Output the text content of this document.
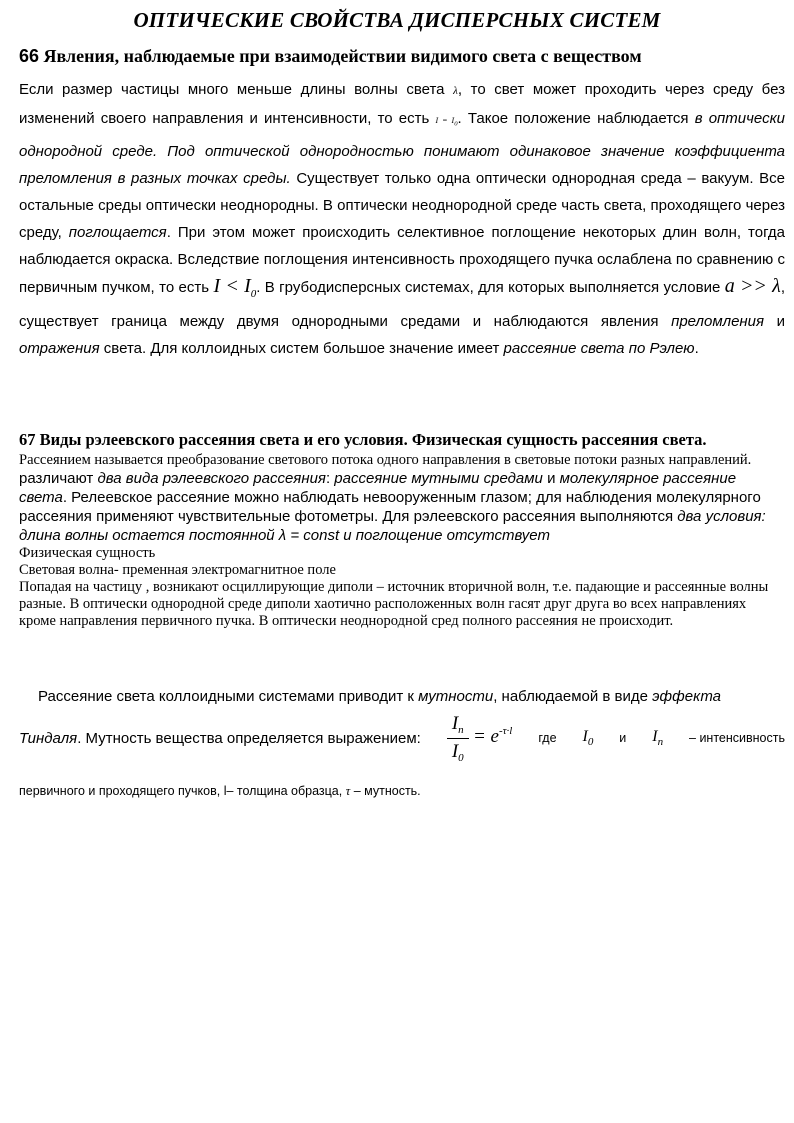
ОПТИЧЕСКИЕ СВОЙСТВА ДИСПЕРСНЫХ СИСТЕМ
66 Явления, наблюдаемые при взаимодействии видимого света с веществом

Если размер частицы много меньше длины волны света λ, то свет может проходить через среду без изменений своего направления и интенсивности, то есть $I = I_0$. Такое положение наблюдается в оптически однородной среде. Под оптической однородностью понимают одинаковое значение коэффициента преломления в разных точках среды. Существует только одна оптически однородная среда – вакуум. Все остальные среды оптически неоднородны. В оптически неоднородной среде часть света, проходящего через среду, поглощается. При этом может происходить селективное поглощение некоторых длин волн, тогда наблюдается окраска. Вследствие поглощения интенсивность проходящего пучка ослаблена по сравнению с первичным пучком, то есть $I < I_0$. В грубодисперсных системах, для которых выполняется условие a >> λ, существует граница между двумя однородными средами и наблюдаются явления преломления и отражения света. Для коллоидных систем большое значение имеет рассеяние света по Рэлею.

67 Виды рэлеевского рассеяния света и его условия. Физическая сущность рассеяния света.

Рассеянием называется преобразование светового потока одного направления в световые потоки разных направлений.

различают два вида рэлеевского рассеяния: рассеяние мутными средами и молекулярное рассеяние света. Релеевское рассеяние можно наблюдать невооруженным глазом; для наблюдения молекулярного рассеяния применяют чувствительные фотометры. Для рэлеевского рассеяния выполняются два условия: длина волны остается постоянной λ = const и поглощение отсутствует

Физическая сущность

Световая волна- пременная электромагнитное поле

Попадая на частицу , возникают осциллирующие диполи – источник вторичной волн, т.е. падающие и рассеянные волны разные. В оптически однородной среде диполи хаотично расположенных волн гасят друг друга во всех направлениях кроме направления первичного пучка. В оптически неоднородной сред полного рассеяния не происходит.

Рассеяние света коллоидными системами приводит к мутности, наблюдаемой в виде эффекта

Тиндаля. Мутность вещества определяется выражением: $\frac{I_n}{I_0} = e^{-\tau\cdot l}$
где $I_0$ и $I_n$ – интенсивность

первичного и проходящего пучков, l– толщина образца, τ – мутность.
